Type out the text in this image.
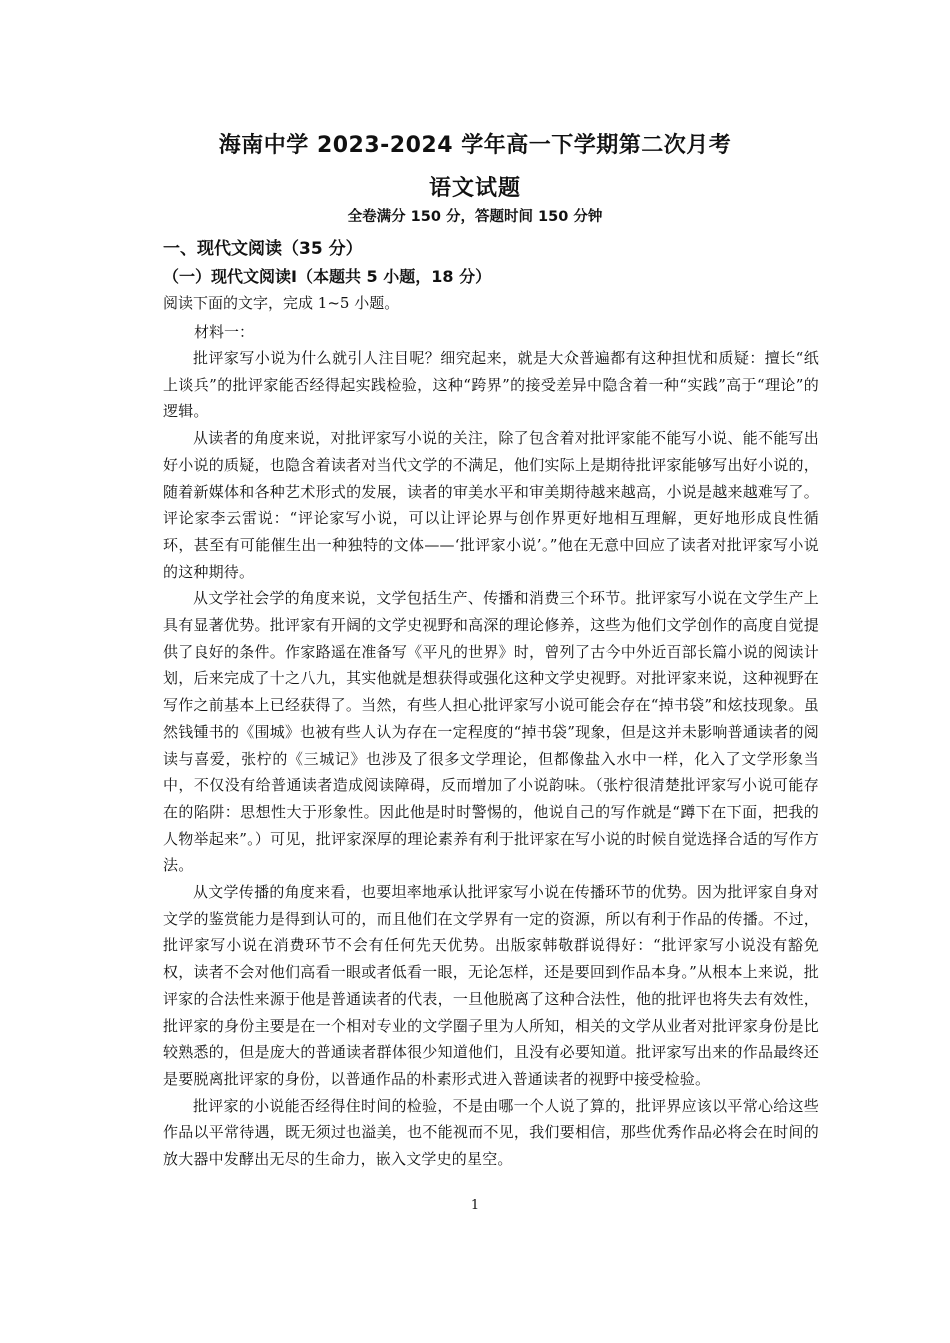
海南中学 2023-2024 学年高一下学期第二次月考
语文试题
全卷满分 150 分，答题时间 150 分钟
一、现代文阅读（35 分）
（一）现代文阅读Ⅰ（本题共 5 小题，18 分）
阅读下面的文字，完成 1~5 小题。
材料一：

批评家写小说为什么就引人注目呢？细究起来，就是大众普遍都有这种担忧和质疑：擅长“纸上谈兵”的批评家能否经得起实践检验，这种“跨界”的接受差异中隐含着一种“实践”高于“理论”的逻辑。

从读者的角度来说，对批评家写小说的关注，除了包含着对批评家能不能写小说、能不能写出好小说的质疑，也隐含着读者对当代文学的不满足，他们实际上是期待批评家能够写出好小说的，随着新媒体和各种艺术形式的发展，读者的审美水平和审美期待越来越高，小说是越来越难写了。评论家李云雷说：“评论家写小说，可以让评论界与创作界更好地相互理解，更好地形成良性循环，甚至有可能催生出一种独特的文体——‘批评家小说’。”他在无意中回应了读者对批评家写小说的这种期待。

从文学社会学的角度来说，文学包括生产、传播和消费三个环节。批评家写小说在文学生产上具有显著优势。批评家有开阔的文学史视野和高深的理论修养，这些为他们文学创作的高度自觉提供了良好的条件。作家路遥在准备写《平凡的世界》时，曾列了古今中外近百部长篇小说的阅读计划，后来完成了十之八九，其实他就是想获得或强化这种文学史视野。对批评家来说，这种视野在写作之前基本上已经获得了。当然，有些人担心批评家写小说可能会存在“掉书袋”和炫技现象。虽然钱锺书的《围城》也被有些人认为存在一定程度的“掉书袋”现象，但是这并未影响普通读者的阅读与喜爱，张柠的《三城记》也涉及了很多文学理论，但都像盐入水中一样，化入了文学形象当中，不仅没有给普通读者造成阅读障碍，反而增加了小说韵味。（张柠很清楚批评家写小说可能存在的陷阱：思想性大于形象性。因此他是时时警惕的，他说自己的写作就是“蹲下在下面，把我的人物举起来”。）可见，批评家深厚的理论素养有利于批评家在写小说的时候自觉选择合适的写作方法。

从文学传播的角度来看，也要坦率地承认批评家写小说在传播环节的优势。因为批评家自身对文学的鉴赏能力是得到认可的，而且他们在文学界有一定的资源，所以有利于作品的传播。不过，批评家写小说在消费环节不会有任何先天优势。出版家韩敬群说得好：“批评家写小说没有豁免权，读者不会对他们高看一眼或者低看一眼，无论怎样，还是要回到作品本身。”从根本上来说，批评家的合法性来源于他是普通读者的代表，一旦他脱离了这种合法性，他的批评也将失去有效性，批评家的身份主要是在一个相对专业的文学圈子里为人所知，相关的文学从业者对批评家身份是比较熟悉的，但是庞大的普通读者群体很少知道他们，且没有必要知道。批评家写出来的作品最终还是要脱离批评家的身份，以普通作品的朴素形式进入普通读者的视野中接受检验。

批评家的小说能否经得住时间的检验，不是由哪一个人说了算的，批评界应该以平常心给这些作品以平常待遇，既无须过也溢美，也不能视而不见，我们要相信，那些优秀作品必将会在时间的放大器中发酵出无尽的生命力，嵌入文学史的星空。

1
